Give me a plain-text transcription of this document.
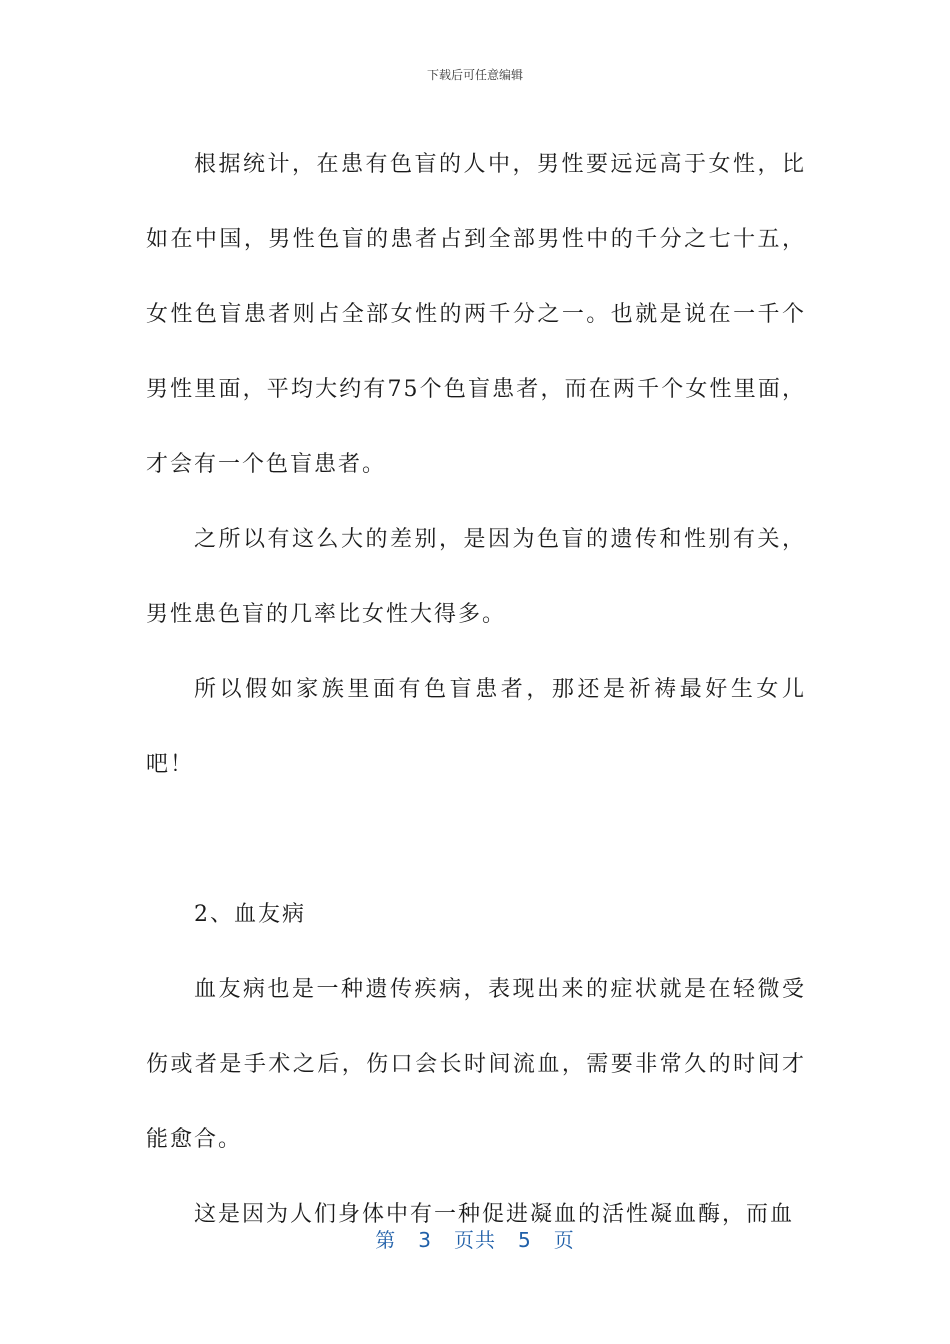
下载后可任意编辑

根据统计，在患有色盲的人中，男性要远远高于女性，比如在中国，男性色盲的患者占到全部男性中的千分之七十五，女性色盲患者则占全部女性的两千分之一。也就是说在一千个男性里面，平均大约有75个色盲患者，而在两千个女性里面，才会有一个色盲患者。

之所以有这么大的差别，是因为色盲的遗传和性别有关，男性患色盲的几率比女性大得多。

所以假如家族里面有色盲患者，那还是祈祷最好生女儿吧！

2、血友病

血友病也是一种遗传疾病，表现出来的症状就是在轻微受伤或者是手术之后，伤口会长时间流血，需要非常久的时间才能愈合。

这是因为人们身体中有一种促进凝血的活性凝血酶，而血

第 3 页共 5 页
